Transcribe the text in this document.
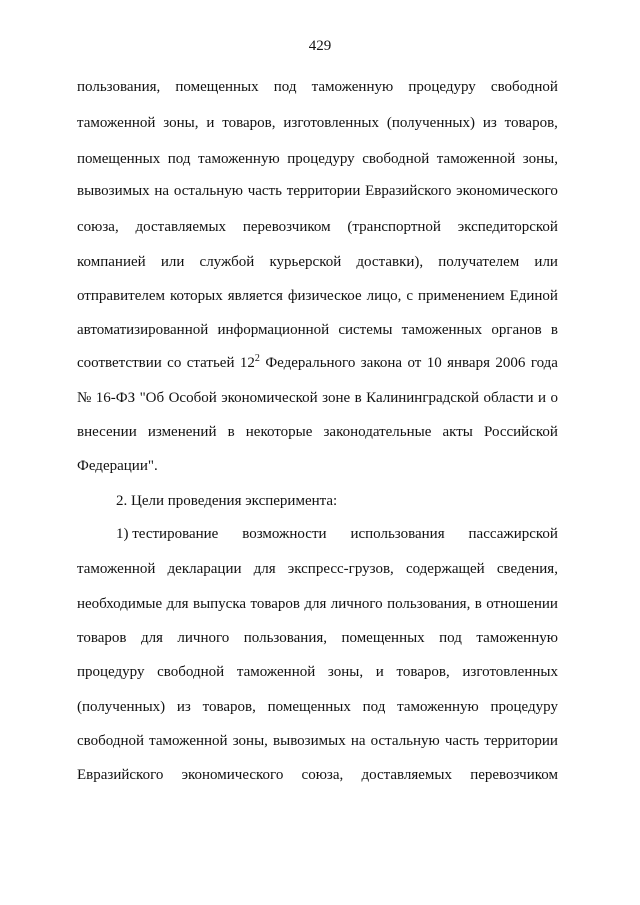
429
пользования, помещенных под таможенную процедуру свободной
таможенной зоны, и товаров, изготовленных (полученных) из товаров,
помещенных под таможенную процедуру свободной таможенной зоны,
вывозимых на остальную часть территории Евразийского экономического
союза, доставляемых перевозчиком (транспортной экспедиторской
компанией или службой курьерской доставки), получателем или
отправителем которых является физическое лицо, с применением Единой
автоматизированной информационной системы таможенных органов в
соответствии со статьей $12^2$ Федерального закона от 10 января 2006 года
№ 16-ФЗ "Об Особой экономической зоне в Калининградской области и о
внесении изменений в некоторые законодательные акты Российской
Федерации".
2. Цели проведения эксперимента:
1) тестирование возможности использования пассажирской
таможенной декларации для экспресс-грузов, содержащей сведения,
необходимые для выпуска товаров для личного пользования, в отношении
товаров для личного пользования, помещенных под таможенную
процедуру свободной таможенной зоны, и товаров, изготовленных
(полученных) из товаров, помещенных под таможенную процедуру
свободной таможенной зоны, вывозимых на остальную часть территории
Евразийского экономического союза, доставляемых перевозчиком
